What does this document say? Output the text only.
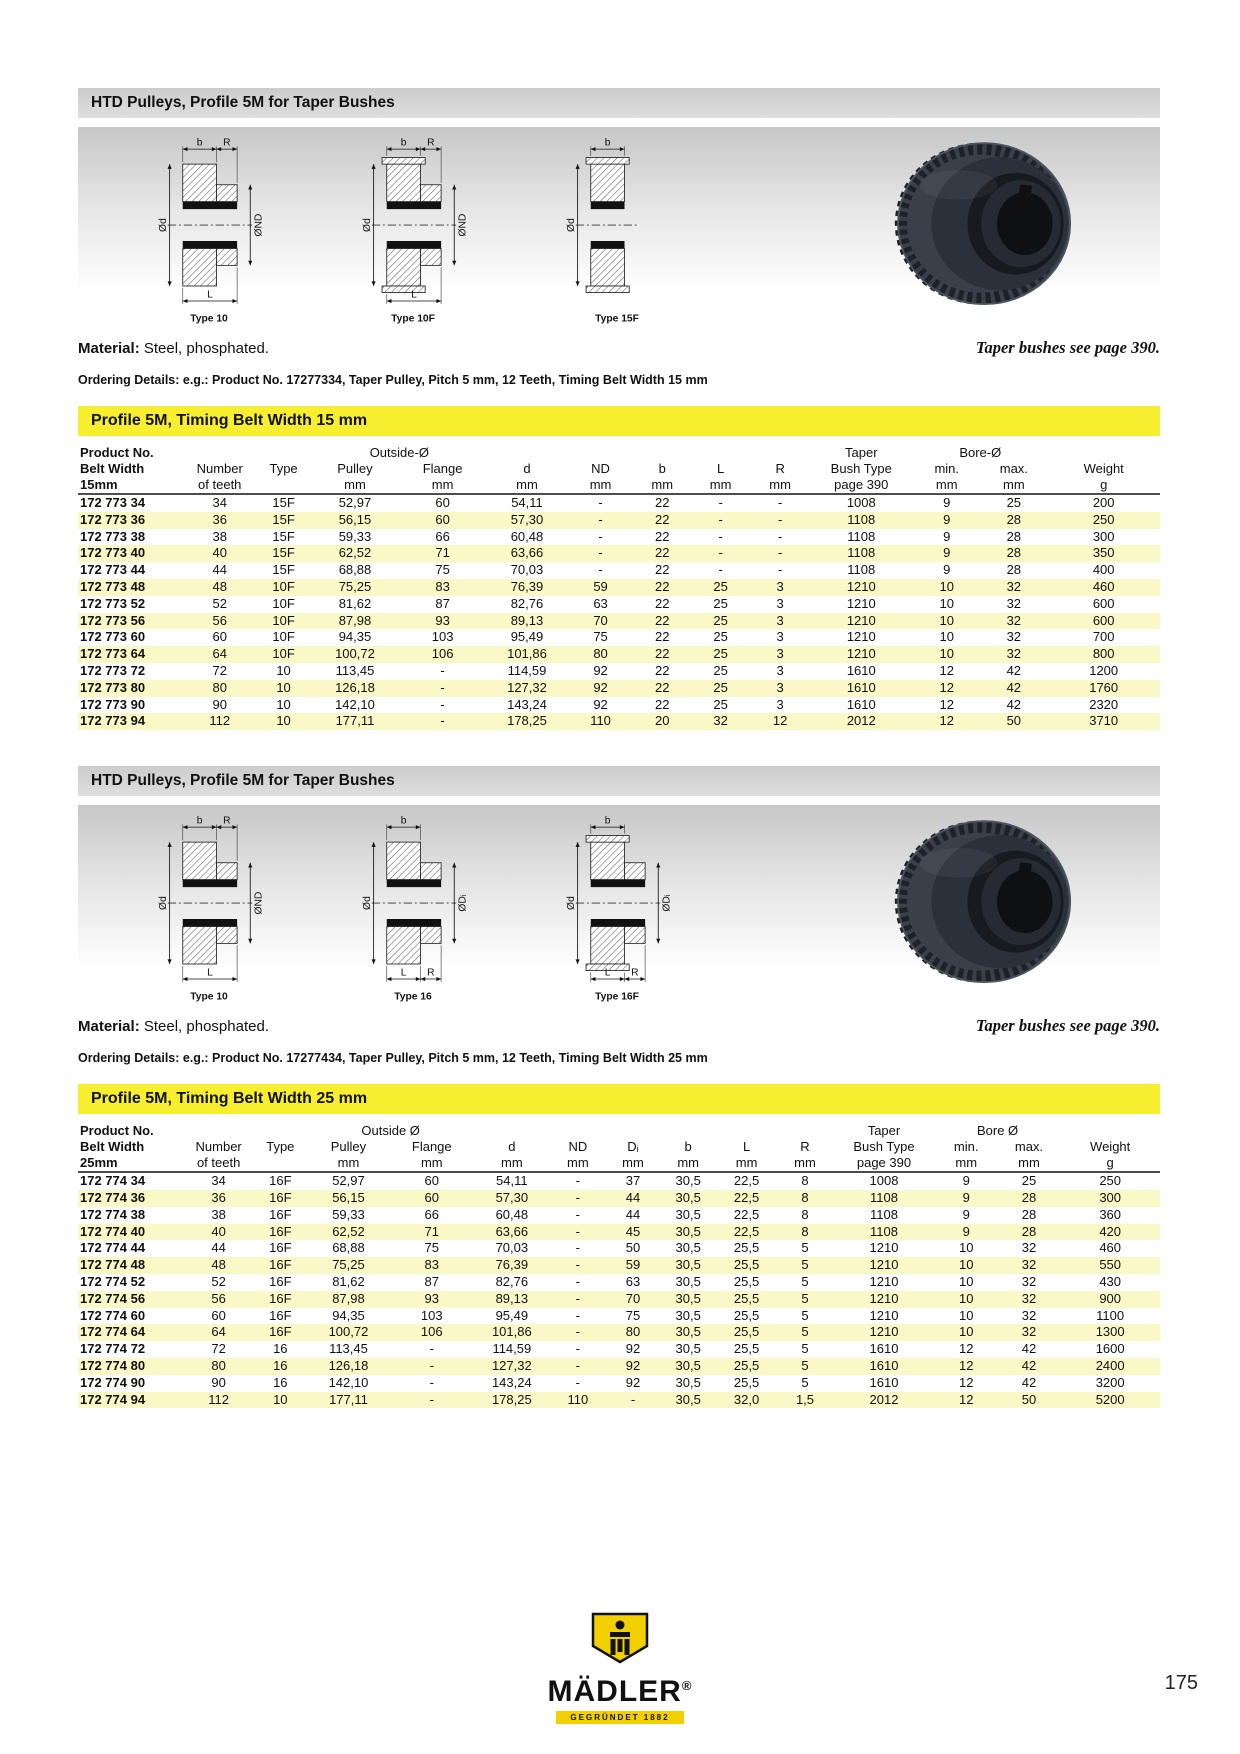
HTD Pulleys, Profile 5M for Taper Bushes
b R
Ød	ØND
L
Type 10
b R
Ød	ØND
L
Type 10F
b
Ød
Type 15F
Material: Steel, phosphated.	Taper bushes see page 390.
Ordering Details: e.g.: Product No. 17277334, Taper Pulley, Pitch 5 mm, 12 Teeth, Timing Belt Width 15 mm
Profile 5M, Timing Belt Width 15 mm
Product No.			Outside-Ø							Taper	Bore-Ø		
Belt Width	Number	Type	Pulley	Flange	d	ND	b	L	R	Bush Type	min.	max.	Weight
15mm	of teeth		mm	mm	mm	mm	mm	mm	mm	page 390	mm	mm	g
172 773 34	34	15F	52,97	60	54,11	-	22	-	-	1008	9	25	200
172 773 36	36	15F	56,15	60	57,30	-	22	-	-	1108	9	28	250
172 773 38	38	15F	59,33	66	60,48	-	22	-	-	1108	9	28	300
172 773 40	40	15F	62,52	71	63,66	-	22	-	-	1108	9	28	350
172 773 44	44	15F	68,88	75	70,03	-	22	-	-	1108	9	28	400
172 773 48	48	10F	75,25	83	76,39	59	22	25	3	1210	10	32	460
172 773 52	52	10F	81,62	87	82,76	63	22	25	3	1210	10	32	600
172 773 56	56	10F	87,98	93	89,13	70	22	25	3	1210	10	32	600
172 773 60	60	10F	94,35	103	95,49	75	22	25	3	1210	10	32	700
172 773 64	64	10F	100,72	106	101,86	80	22	25	3	1210	10	32	800
172 773 72	72	10	113,45	-	114,59	92	22	25	3	1610	12	42	1200
172 773 80	80	10	126,18	-	127,32	92	22	25	3	1610	12	42	1760
172 773 90	90	10	142,10	-	143,24	92	22	25	3	1610	12	42	2320
172 773 94	112	10	177,11	-	178,25	110	20	32	12	2012	12	50	3710
HTD Pulleys, Profile 5M for Taper Bushes
b R
Ød	ØND
L
Type 10
b
Ød	ØDᵢ
L R
Type 16
b
Ød	ØDᵢ
L R
Type 16F
Material: Steel, phosphated.	Taper bushes see page 390.
Ordering Details: e.g.: Product No. 17277434, Taper Pulley, Pitch 5 mm, 12 Teeth, Timing Belt Width 25 mm
Profile 5M, Timing Belt Width 25 mm
Product No.			Outside Ø								Taper	Bore Ø		
Belt Width	Number	Type	Pulley	Flange	d	ND	Dᵢ	b	L	R	Bush Type	min.	max.	Weight
25mm	of teeth		mm	mm	mm	mm	mm	mm	mm	mm	page 390	mm	mm	g
172 774 34	34	16F	52,97	60	54,11	-	37	30,5	22,5	8	1008	9	25	250
172 774 36	36	16F	56,15	60	57,30	-	44	30,5	22,5	8	1108	9	28	300
172 774 38	38	16F	59,33	66	60,48	-	44	30,5	22,5	8	1108	9	28	360
172 774 40	40	16F	62,52	71	63,66	-	45	30,5	22,5	8	1108	9	28	420
172 774 44	44	16F	68,88	75	70,03	-	50	30,5	25,5	5	1210	10	32	460
172 774 48	48	16F	75,25	83	76,39	-	59	30,5	25,5	5	1210	10	32	550
172 774 52	52	16F	81,62	87	82,76	-	63	30,5	25,5	5	1210	10	32	430
172 774 56	56	16F	87,98	93	89,13	-	70	30,5	25,5	5	1210	10	32	900
172 774 60	60	16F	94,35	103	95,49	-	75	30,5	25,5	5	1210	10	32	1100
172 774 64	64	16F	100,72	106	101,86	-	80	30,5	25,5	5	1210	10	32	1300
172 774 72	72	16	113,45	-	114,59	-	92	30,5	25,5	5	1610	12	42	1600
172 774 80	80	16	126,18	-	127,32	-	92	30,5	25,5	5	1610	12	42	2400
172 774 90	90	16	142,10	-	143,24	-	92	30,5	25,5	5	1610	12	42	3200
172 774 94	112	10	177,11	-	178,25	110	-	30,5	32,0	1,5	2012	12	50	5200
MÄDLER®
GEGRÜNDET 1882
175
